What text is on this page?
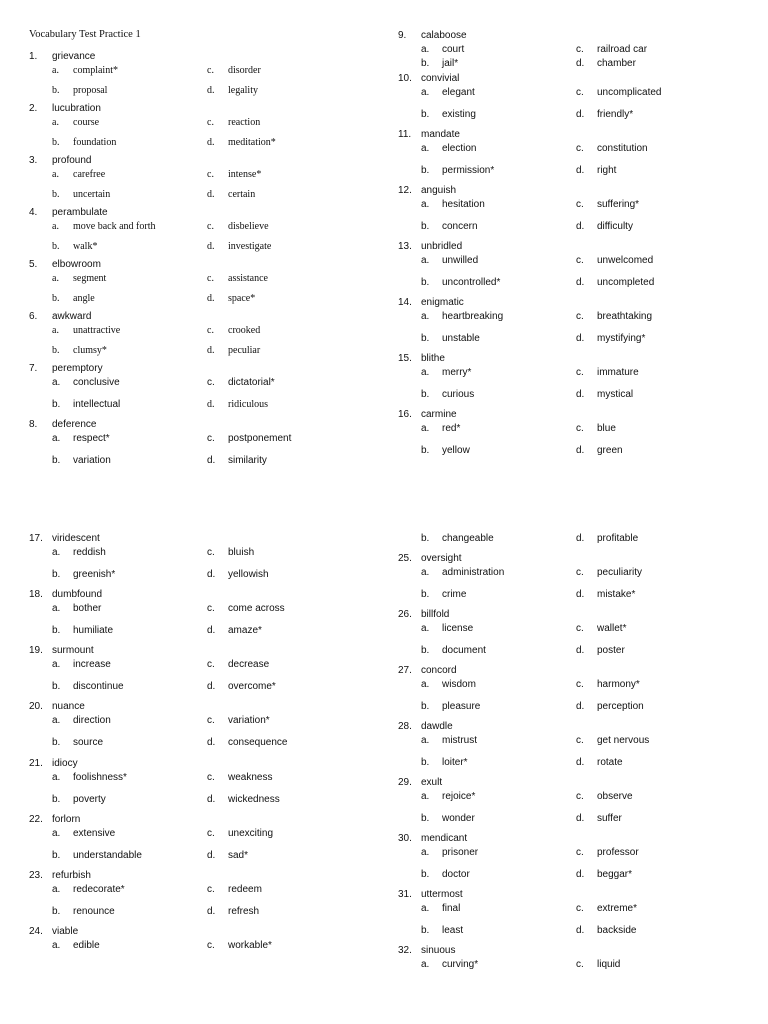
Vocabulary Test Practice 1
1.	grievance
a. complaint*	c. disorder
b. proposal	d. legality
2.	lucubration
a. course	c. reaction
b. foundation	d. meditation*
3.	profound
a. carefree	c. intense*
b. uncertain	d. certain
4.	perambulate
a. move back and forth	c. disbelieve
b. walk*	d. investigate
5.	elbowroom
a. segment	c. assistance
b. angle	d. space*
6.	awkward
a. unattractive	c. crooked
b. clumsy*	d. peculiar
7.	peremptory
a. conclusive	c. dictatorial*
b. intellectual	d. ridiculous
8.	deference
a. respect*	c. postponement
b. variation	d. similarity
9.	calaboose
a. court	c. railroad car
b. jail*	d. chamber
10. convivial
a. elegant	c. uncomplicated
b. existing	d. friendly*
11. mandate
a. election	c. constitution
b. permission*	d. right
12. anguish
a. hesitation	c. suffering*
b. concern	d. difficulty
13. unbridled
a. unwilled	c. unwelcomed
b. uncontrolled*	d. uncompleted
14. enigmatic
a. heartbreaking	c. breathtaking
b. unstable	d. mystifying*
15. blithe
a. merry*	c. immature
b. curious	d. mystical
16. carmine
a. red*	c. blue
b. yellow	d. green
17. viridescent
a. reddish	c. bluish
b. greenish*	d. yellowish
18. dumbfound
a. bother	c. come across
b. humiliate	d. amaze*
19. surmount
a. increase	c. decrease
b. discontinue	d. overcome*
20. nuance
a. direction	c. variation*
b. source	d. consequence
21. idiocy
a. foolishness*	c. weakness
b. poverty	d. wickedness
22. forlorn
a. extensive	c. unexciting
b. understandable	d. sad*
23. refurbish
a. redecorate*	c. redeem
b. renounce	d. refresh
24. viable
a. edible	c. workable*
b. changeable	d. profitable
25. oversight
a. administration	c. peculiarity
b. crime	d. mistake*
26. billfold
a. license	c. wallet*
b. document	d. poster
27. concord
a. wisdom	c. harmony*
b. pleasure	d. perception
28. dawdle
a. mistrust	c. get nervous
b. loiter*	d. rotate
29. exult
a. rejoice*	c. observe
b. wonder	d. suffer
30. mendicant
a. prisoner	c. professor
b. doctor	d. beggar*
31. uttermost
a. final	c. extreme*
b. least	d. backside
32. sinuous
a. curving*	c. liquid
